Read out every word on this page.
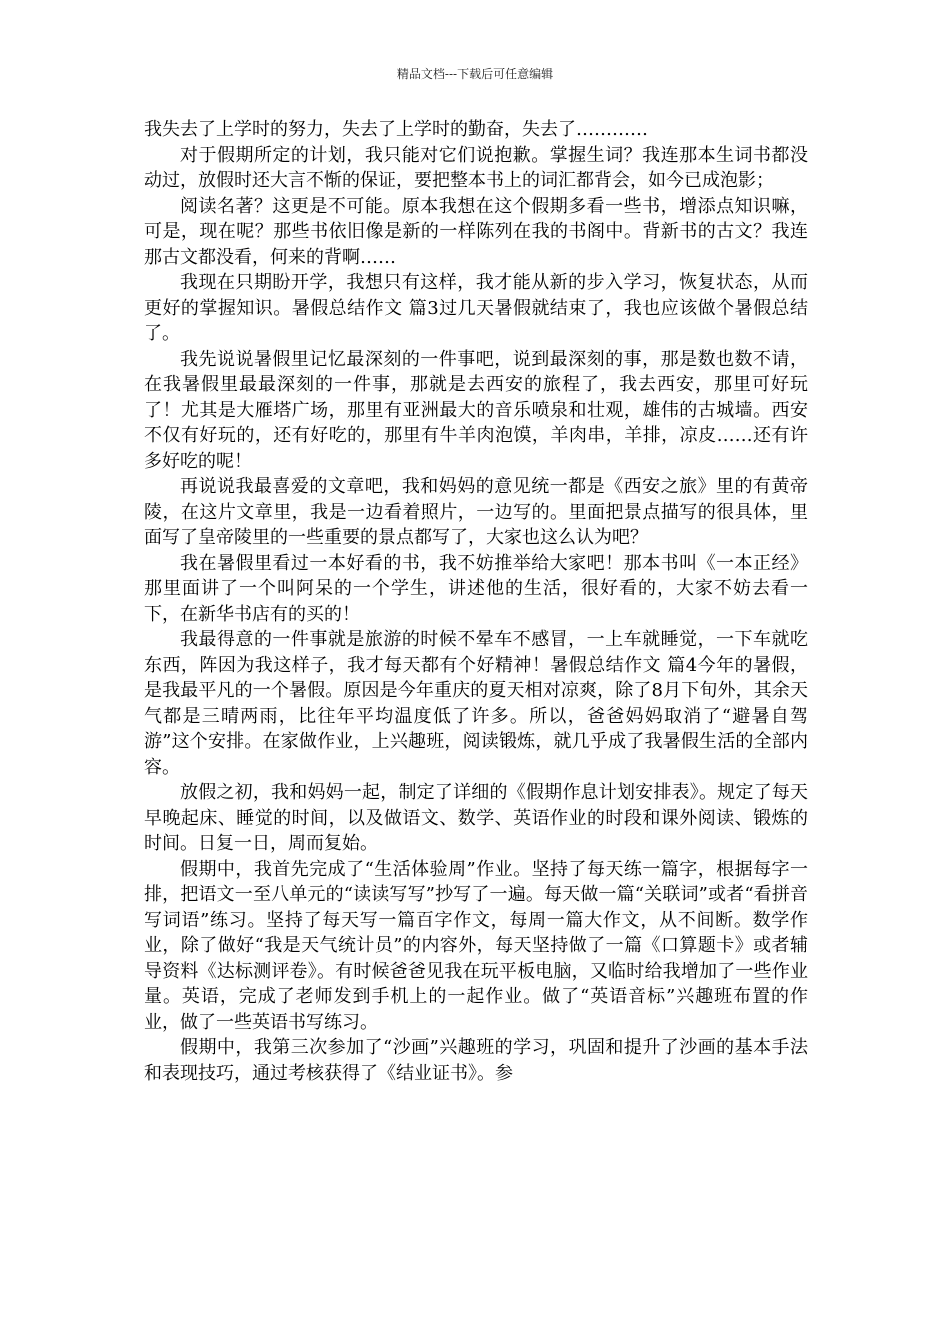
精品文档---下载后可任意编辑

我失去了上学时的努力，失去了上学时的勤奋，失去了…………

对于假期所定的计划，我只能对它们说抱歉。掌握生词？我连那本生词书都没动过，放假时还大言不惭的保证，要把整本书上的词汇都背会，如今已成泡影；

阅读名著？这更是不可能。原本我想在这个假期多看一些书，增添点知识嘛，可是，现在呢？那些书依旧像是新的一样陈列在我的书阁中。背新书的古文？我连那古文都没看，何来的背啊……

我现在只期盼开学，我想只有这样，我才能从新的步入学习，恢复状态，从而更好的掌握知识。暑假总结作文 篇3过几天暑假就结束了，我也应该做个暑假总结了。

我先说说暑假里记忆最深刻的一件事吧，说到最深刻的事，那是数也数不请，在我暑假里最最深刻的一件事，那就是去西安的旅程了，我去西安，那里可好玩了！尤其是大雁塔广场，那里有亚洲最大的音乐喷泉和壮观，雄伟的古城墙。西安不仅有好玩的，还有好吃的，那里有牛羊肉泡馍，羊肉串，羊排，凉皮……还有许多好吃的呢！

再说说我最喜爱的文章吧，我和妈妈的意见统一都是《西安之旅》里的有黄帝陵，在这片文章里，我是一边看着照片，一边写的。里面把景点描写的很具体，里面写了皇帝陵里的一些重要的景点都写了，大家也这么认为吧？

我在暑假里看过一本好看的书，我不妨推举给大家吧！那本书叫《一本正经》那里面讲了一个叫阿呆的一个学生，讲述他的生活，很好看的，大家不妨去看一下，在新华书店有的买的！

我最得意的一件事就是旅游的时候不晕车不感冒，一上车就睡觉，一下车就吃东西，阵因为我这样子，我才每天都有个好精神！暑假总结作文 篇4今年的暑假，是我最平凡的一个暑假。原因是今年重庆的夏天相对凉爽，除了8月下旬外，其余天气都是三晴两雨，比往年平均温度低了许多。所以，爸爸妈妈取消了“避暑自驾游”这个安排。在家做作业，上兴趣班，阅读锻炼，就几乎成了我暑假生活的全部内容。

放假之初，我和妈妈一起，制定了详细的《假期作息计划安排表》。规定了每天早晚起床、睡觉的时间，以及做语文、数学、英语作业的时段和课外阅读、锻炼的时间。日复一日，周而复始。

假期中，我首先完成了“生活体验周”作业。坚持了每天练一篇字，根据每字一排，把语文一至八单元的“读读写写”抄写了一遍。每天做一篇“关联词”或者“看拼音写词语”练习。坚持了每天写一篇百字作文，每周一篇大作文，从不间断。数学作业，除了做好“我是天气统计员”的内容外，每天坚持做了一篇《口算题卡》或者辅导资料《达标测评卷》。有时候爸爸见我在玩平板电脑，又临时给我增加了一些作业量。英语，完成了老师发到手机上的一起作业。做了“英语音标”兴趣班布置的作业，做了一些英语书写练习。

假期中，我第三次参加了“沙画”兴趣班的学习，巩固和提升了沙画的基本手法和表现技巧，通过考核获得了《结业证书》。参
